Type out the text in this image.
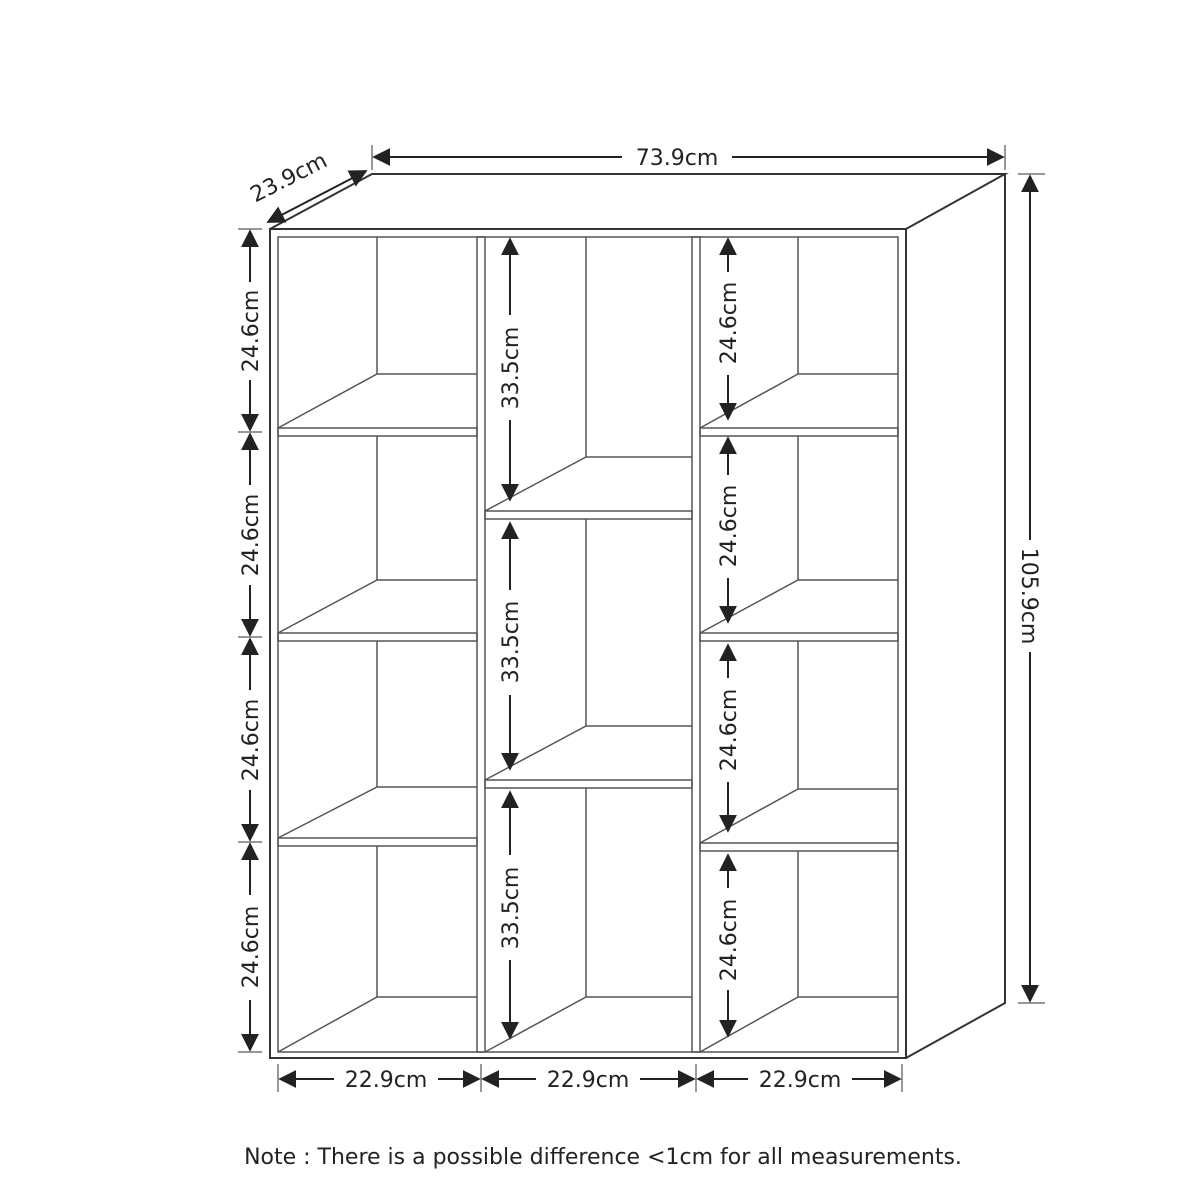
73.9cm
23.9cm
105.9cm
24.6cm
24.6cm
24.6cm
24.6cm
33.5cm
33.5cm
33.5cm
24.6cm
24.6cm
24.6cm
24.6cm
22.9cm	22.9cm	22.9cm
Note : There is a possible difference <1cm for all measurements.
